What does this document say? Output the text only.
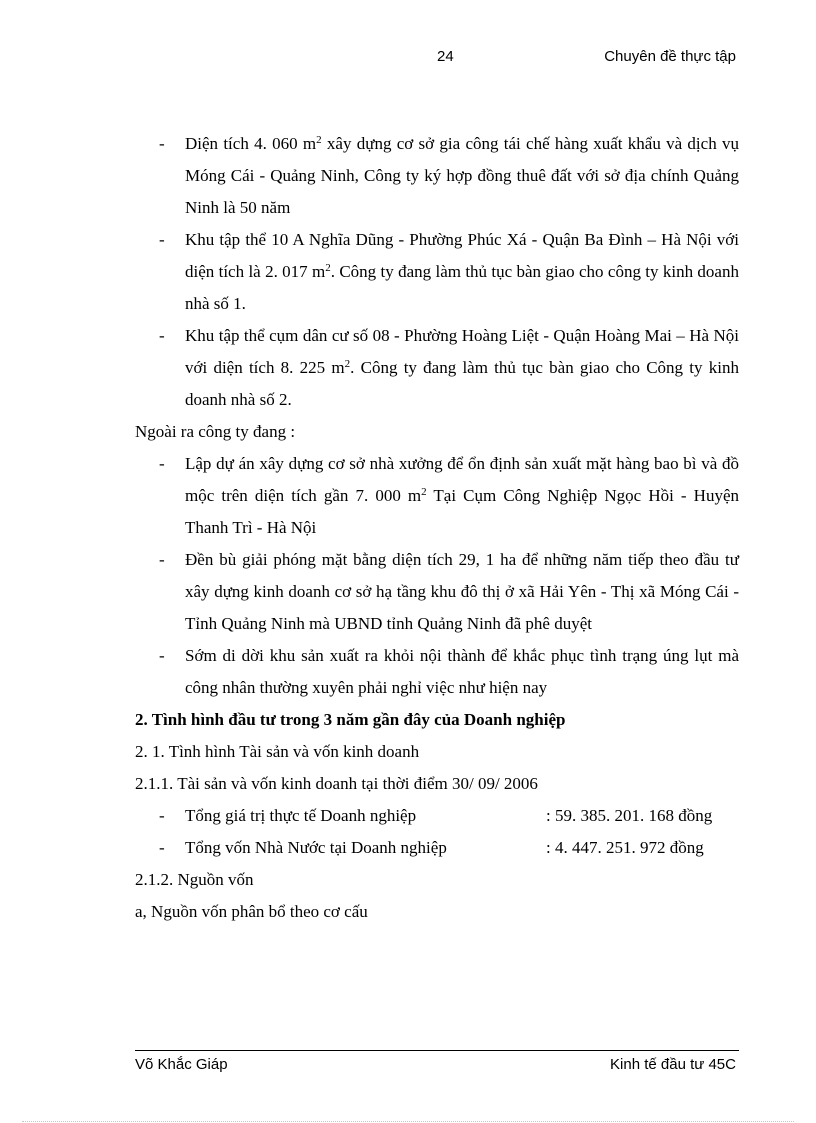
24	Chuyên đề thực tập
- Diện tích 4. 060 $m^2$ xây dựng cơ sở gia công tái chế hàng xuất khẩu và dịch vụ Móng Cái - Quảng Ninh, Công ty ký hợp đồng thuê đất với sở địa chính Quảng Ninh là 50 năm
- Khu tập thể 10 A Nghĩa Dũng - Phường Phúc Xá - Quận Ba Đình – Hà Nội với diện tích là 2. 017 $m^2$. Công ty đang làm thủ tục bàn giao cho công ty kinh doanh nhà số 1.
- Khu tập thể cụm dân cư số 08 - Phường Hoàng Liệt - Quận Hoàng Mai – Hà Nội với diện tích 8. 225 $m^2$. Công ty đang làm thủ tục bàn giao cho Công ty kinh doanh nhà số 2.
Ngoài ra công ty đang :
- Lập dự án xây dựng cơ sở nhà xưởng để ổn định sản xuất mặt hàng bao bì và đồ mộc trên diện tích gần 7. 000 $m^2$ Tại Cụm Công Nghiệp Ngọc Hồi - Huyện Thanh Trì - Hà Nội
- Đền bù giải phóng mặt bằng diện tích 29, 1 ha để những năm tiếp theo đầu tư xây dựng kinh doanh cơ sở hạ tầng khu đô thị ở xã Hải Yên - Thị xã Móng Cái - Tỉnh Quảng Ninh mà UBND tỉnh Quảng Ninh đã phê duyệt
- Sớm di dời khu sản xuất ra khỏi nội thành để khắc phục tình trạng úng lụt mà công nhân thường xuyên phải nghỉ việc như hiện nay
2. Tình hình đầu tư trong 3 năm gần đây của Doanh nghiệp
2. 1. Tình hình Tài sản và vốn kinh doanh
2.1.1. Tài sản và vốn kinh doanh tại thời điểm 30/ 09/ 2006
- Tổng giá trị thực tế Doanh nghiệp	: 59. 385. 201. 168 đồng
- Tổng vốn Nhà Nước tại Doanh nghiệp	: 4. 447. 251. 972 đồng
2.1.2. Nguồn vốn
a, Nguồn vốn phân bổ theo cơ cấu
Võ Khắc Giáp	Kinh tế đầu tư 45C
